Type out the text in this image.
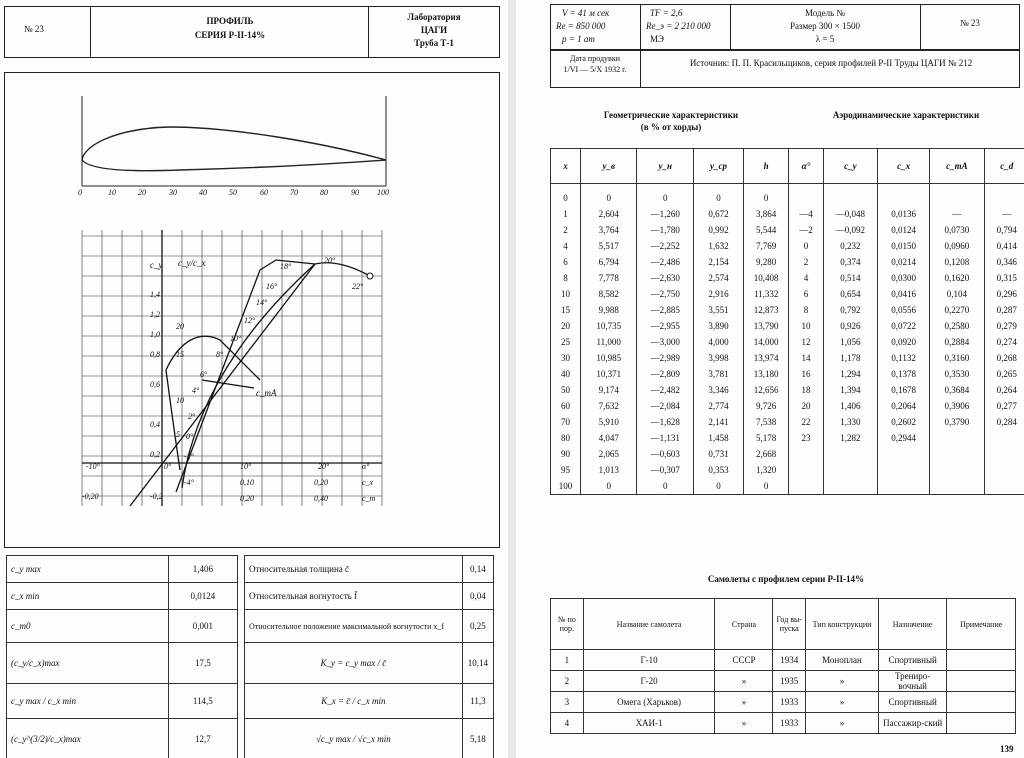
№ 23
ПРОФИЛЬ
СЕРИЯ Р-II-14%
Лаборатория
ЦАГИ
Труба Т-1
0	10	20	30	40	50	60	70	80	90 100
c_y c_y/c_x
c_mA
1,4
1,2
1,0
0,8
0,6
0,4
0,2
20
15
10
5
-10°	0°	10°	20°	α°
0,10	0,20	c_x
-0,20	-0,2	0,20	0,40	c_m
-4°
-2°
0°
2°
4°
6°
8°
10°
12°
14°
16°
18°
20°
22°
c_y max	1,406
c_x min	0,0124
c_m0	0,001
(c_y/c_x)max	17,5
c_y max / c_x min	114,5
(c_y^(3/2)/c_x)max	12,7
Относительная толщина c̄	0,14
Относительная вогнутость f̄	0,04
Относительное положение максимальной вогнутости x_f	0,25
K_y = c_y max / c̄	10,14
K_x = c̄ / c_x min	11,3
√c_y max / √c_x min	5,18
V = 41 м сек
Re = 850 000
p = 1 ат
TF = 2,6
Re_э = 2 210 000
МЭ
Модель №
Размер 300 × 1500
λ = 5
№ 23
Дата продувки
1/VI — 5/X 1932 г.
Источник: П. П. Красильщиков, серия профилей Р-II Труды ЦАГИ № 212
Геометрические характеристики
(в % от хорды)
Аэродинамические характеристики
x	y_в	y_н	y_ср	h	α°	c_y	c_x	c_mA	c_d
0	0	0	0	0					
1	2,604	—1,260	0,672	3,864	—4	—0,048	0,0136	—	—
2	3,764	—1,780	0,992	5,544	—2	—0,092	0,0124	0,0730	0,794
4	5,517	—2,252	1,632	7,769	0	0,232	0,0150	0,0960	0,414
6	6,794	—2,486	2,154	9,280	2	0,374	0,0214	0,1208	0,346
8	7,778	—2,630	2,574	10,408	4	0,514	0,0300	0,1620	0,315
10	8,582	—2,750	2,916	11,332	6	0,654	0,0416	0,104	0,296
15	9,988	—2,885	3,551	12,873	8	0,792	0,0556	0,2270	0,287
20	10,735	—2,955	3,890	13,790	10	0,926	0,0722	0,2580	0,279
25	11,000	—3,000	4,000	14,000	12	1,056	0,0920	0,2884	0,274
30	10,985	—2,989	3,998	13,974	14	1,178	0,1132	0,3160	0,268
40	10,371	—2,809	3,781	13,180	16	1,294	0,1378	0,3530	0,265
50	9,174	—2,482	3,346	12,656	18	1,394	0,1678	0,3684	0,264
60	7,632	—2,084	2,774	9,726	20	1,406	0,2064	0,3906	0,277
70	5,910	—1,628	2,141	7,538	22	1,330	0,2602	0,3790	0,284
80	4,047	—1,131	1,458	5,178	23	1,282	0,2944		
90	2,065	—0,603	0,731	2,668					
95	1,013	—0,307	0,353	1,320					
100	0	0	0	0					
Самолеты с профилем серии Р-II-14%
№ по пор.	Название самолета	Страна	Год вы-пуска	Тип конструкции	Назначение	Примечание
1	Г-10	СССР	1934	Моноплан	Спортивный	
2	Г-20	»	1935	»	Трениро-вочный	
3	Омега (Харьков)	»	1933	»	Спортивный	
4	ХАИ-1	»	1933	»	Пассажир-ский	
139
